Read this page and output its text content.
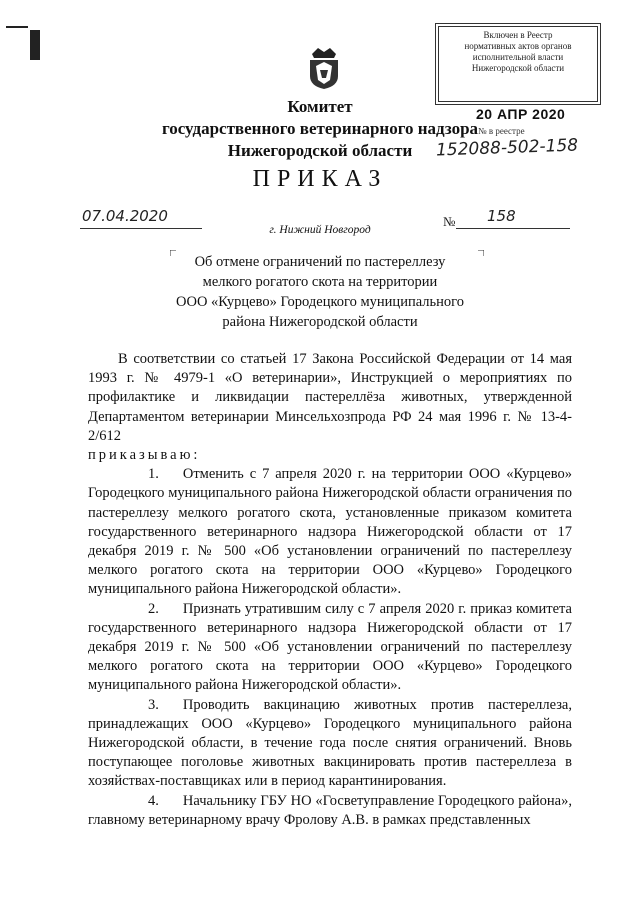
Комитет
государственного ветеринарного надзора
Нижегородской области
Включен в Реестр
нормативных актов органов
исполнительной власти
Нижегородской области
20 АПР 2020
№ в реестре
152088-502-158
ПРИКАЗ
07.04.2020	№ 158
г. Нижний Новгород
Об отмене ограничений по пастереллезу
мелкого рогатого скота на территории
ООО «Курцево» Городецкого муниципального
района Нижегородской области

В соответствии со статьей 17 Закона Российской Федерации от 14 мая 1993 г. № 4979-1 «О ветеринарии», Инструкцией о мероприятиях по профилактике и ликвидации пастереллёза животных, утвержденной Департаментом ветеринарии Минсельхозпрода РФ 24 мая 1996 г. № 13-4-2/612

приказываю:

1. Отменить с 7 апреля 2020 г. на территории ООО «Курцево» Городецкого муниципального района Нижегородской области ограничения по пастереллезу мелкого рогатого скота, установленные приказом комитета государственного ветеринарного надзора Нижегородской области от 17 декабря 2019 г. № 500 «Об установлении ограничений по пастереллезу мелкого рогатого скота на территории ООО «Курцево» Городецкого муниципального района Нижегородской области».

2. Признать утратившим силу с 7 апреля 2020 г. приказ комитета государственного ветеринарного надзора Нижегородской области от 17 декабря 2019 г. № 500 «Об установлении ограничений по пастереллезу мелкого рогатого скота на территории ООО «Курцево» Городецкого муниципального района Нижегородской области».

3. Проводить вакцинацию животных против пастереллеза, принадлежащих ООО «Курцево» Городецкого муниципального района Нижегородской области, в течение года после снятия ограничений. Вновь поступающее поголовье животных вакцинировать против пастереллеза в хозяйствах-поставщиках или в период карантинирования.

4. Начальнику ГБУ НО «Госветуправление Городецкого района», главному ветеринарному врачу Фролову А.В. в рамках представленных
